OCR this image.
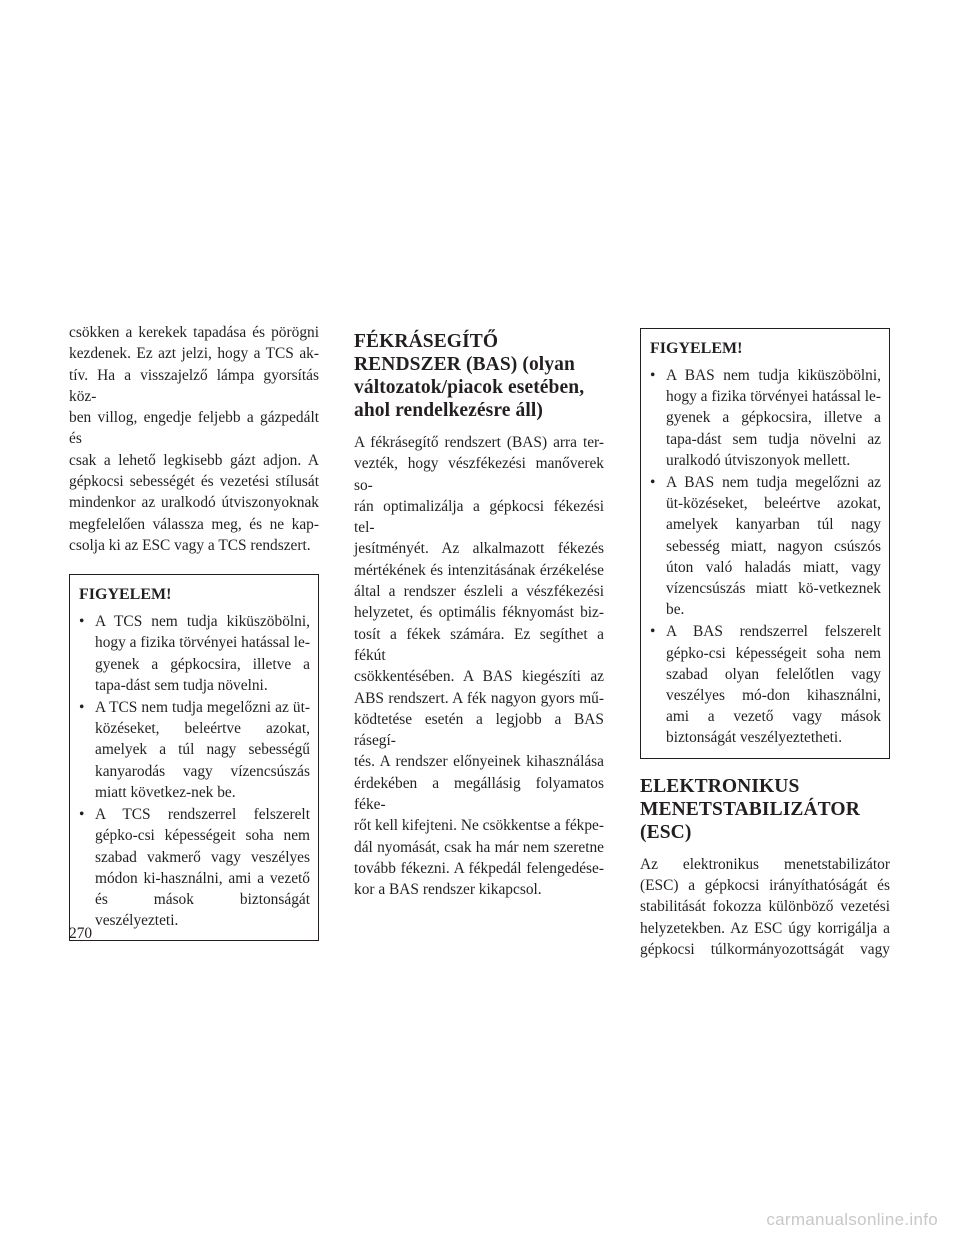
csökken a kerekek tapadása és pörögni

kezdenek. Ez azt jelzi, hogy a TCS ak-

tív. Ha a visszajelző lámpa gyorsítás köz-

ben villog, engedje feljebb a gázpedált és

csak a lehető legkisebb gázt adjon. A

gépkocsi sebességét és vezetési stílusát

mindenkor az uralkodó útviszonyoknak

megfelelően válassza meg, és ne kap-

csolja ki az ESC vagy a TCS rendszert.

FIGYELEM!
• A TCS nem tudja kiküszöbölni, hogy a fizika törvényei hatással le-gyenek a gépkocsira, illetve a tapa-dást sem tudja növelni.
• A TCS nem tudja megelőzni az üt-közéseket, beleértve azokat, amelyek a túl nagy sebességű kanyarodás vagy vízencsúszás miatt következ-nek be.
• A TCS rendszerrel felszerelt gépko-csi képességeit soha nem szabad vakmerő vagy veszélyes módon ki-használni, ami a vezető és mások biztonságát veszélyezteti.
FÉKRÁSEGÍTŐ
RENDSZER (BAS) (olyan
változatok/piacok esetében,
ahol rendelkezésre áll)

A fékrásegítő rendszert (BAS) arra ter-

vezték, hogy vészfékezési manőverek so-

rán optimalizálja a gépkocsi fékezési tel-

jesítményét. Az alkalmazott fékezés

mértékének és intenzitásának érzékelése

által a rendszer észleli a vészfékezési

helyzetet, és optimális féknyomást biz-

tosít a fékek számára. Ez segíthet a fékút

csökkentésében. A BAS kiegészíti az

ABS rendszert. A fék nagyon gyors mű-

ködtetése esetén a legjobb a BAS rásegí-

tés. A rendszer előnyeinek kihasználása

érdekében a megállásig folyamatos féke-

rőt kell kifejteni. Ne csökkentse a fékpe-

dál nyomását, csak ha már nem szeretne

tovább fékezni. A fékpedál felengedése-

kor a BAS rendszer kikapcsol.

FIGYELEM!
• A BAS nem tudja kiküszöbölni, hogy a fizika törvényei hatással le-gyenek a gépkocsira, illetve a tapa-dást sem tudja növelni az uralkodó útviszonyok mellett.
• A BAS nem tudja megelőzni az üt-közéseket, beleértve azokat, amelyek kanyarban túl nagy sebesség miatt, nagyon csúszós úton való haladás miatt, vagy vízencsúszás miatt kö-vetkeznek be.
• A BAS rendszerrel felszerelt gépko-csi képességeit soha nem szabad olyan felelőtlen vagy veszélyes mó-don kihasználni, ami a vezető vagy mások biztonságát veszélyeztetheti.
ELEKTRONIKUS
MENETSTABILIZÁTOR
(ESC)

Az elektronikus menetstabilizátor

(ESC) a gépkocsi irányíthatóságát és

stabilitását fokozza különböző vezetési

helyzetekben. Az ESC úgy korrigálja a

gépkocsi túlkormányozottságát vagy

270
carmanualsonline.info
